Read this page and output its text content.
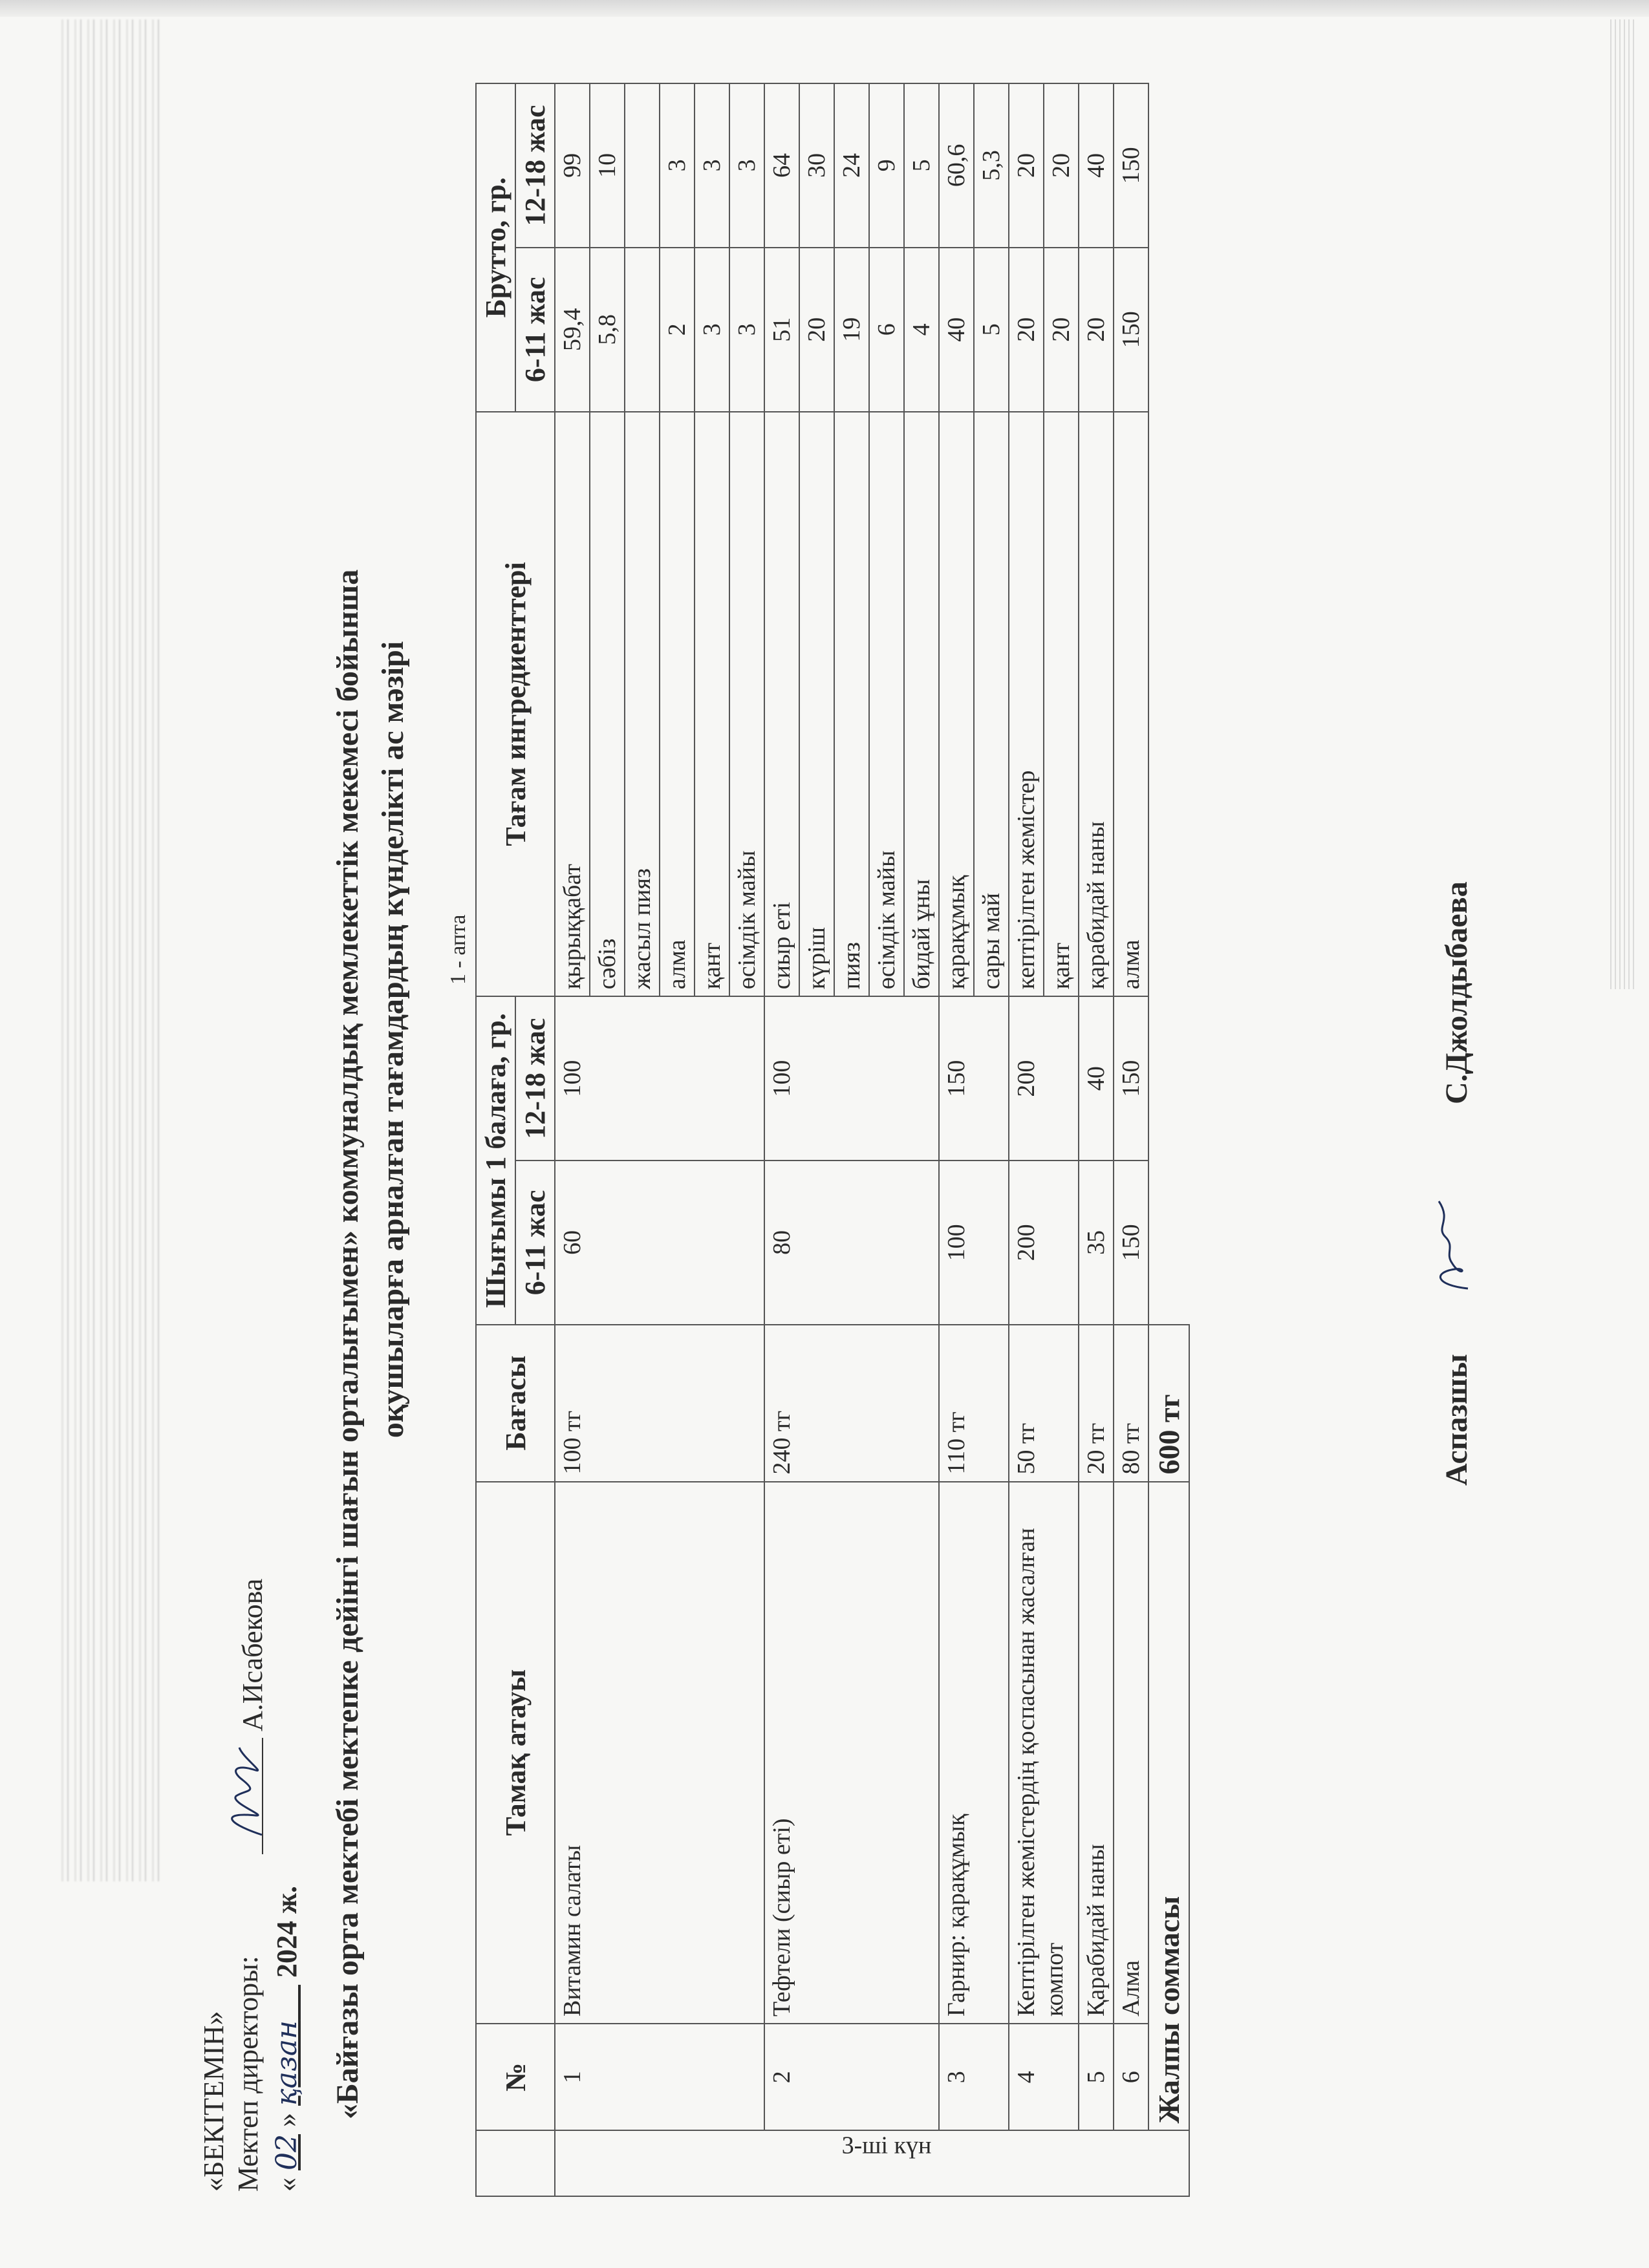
«БЕКІТЕМІН» Мектеп директоры:
А.Исабекова
« 02 » қазан      2024 ж. «Байғазы орта мектебі мектепке дейінгі шағын орталығымен» коммуналдық мемлекеттік мекемесі бойынша оқушыларға арналған тағамдардың күнделікті ас мәзірі 1 - апта
	№	Тамақ атауы	Бағасы	Шығымы 1 балаға, гр.		Тағам ингредиенттері	Брутто, гр.	
				6-11 жас	12-18 жас		6-11 жас	12-18 жас

3-ші күн	1	Витамин салаты	100 тг	60	100	қырыққабат	59,4	99
						сәбіз	5,8	10
						жасыл пияз		
						алма	2	3
						қант	3	3
						өсімдік майы	3	3
	2	Тефтели (сиыр еті)	240 тг	80	100	сиыр еті	51	64
						күріш	20	30
						пияз	19	24
						өсімдік майы	6	9
						бидай ұны	4	5
	3	Гарнир: қарақұмық	110 тг	100	150	қарақұмық	40	60,6
						сары май	5	5,3
	4	Кептірілген жемістердің қоспасынан жасалған компот	50 тг	200	200	кептірілген жемістер	20	20
						қант	20	20
	5	Қарабидай наны	20 тг	35	40	қарабидай наны	20	40
	6	Алма	80 тг	150	150	алма	150	150
	Жалпы соммасы		600 тг						Аспазшы
С.Джолдыбаева
